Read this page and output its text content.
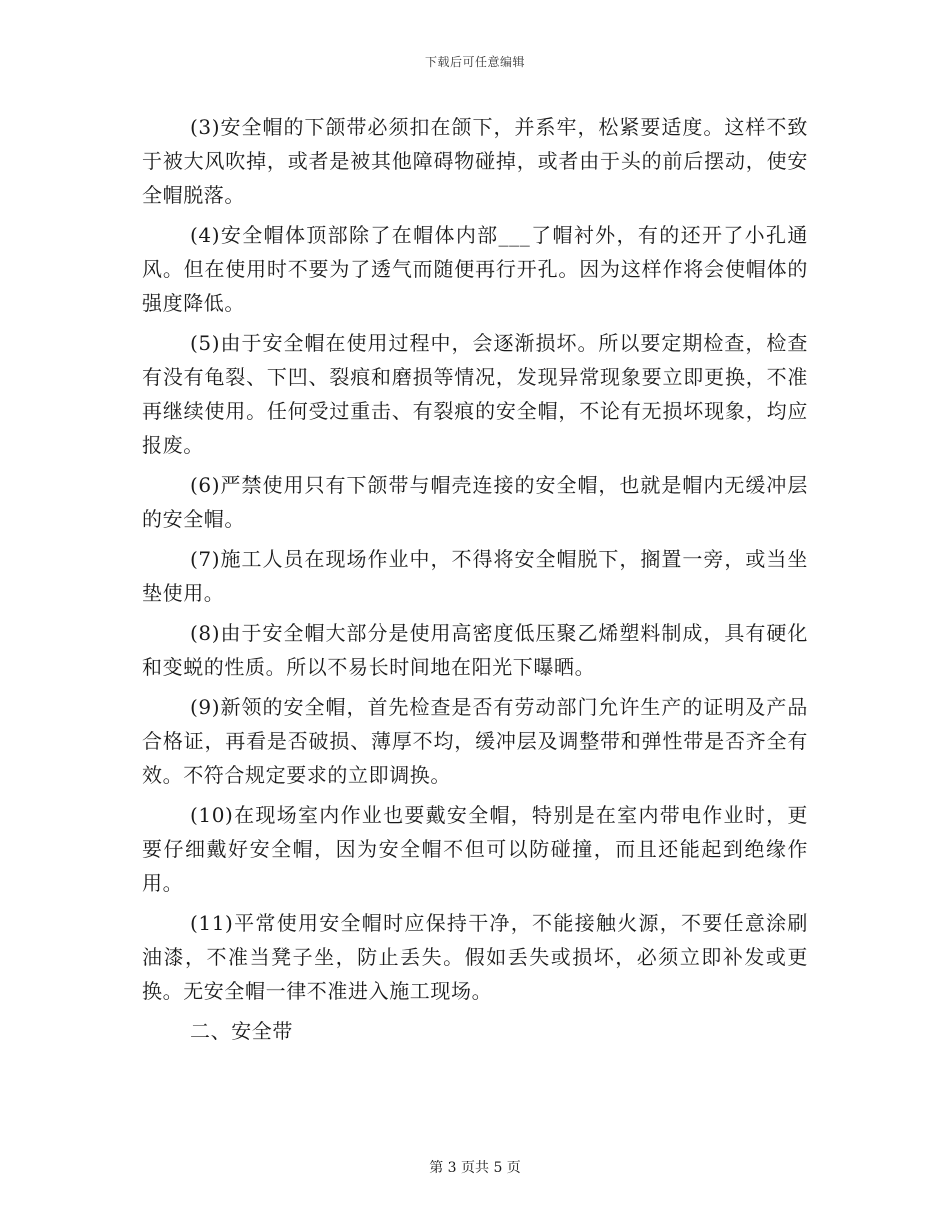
下载后可任意编辑

(3)安全帽的下颌带必须扣在颌下，并系牢，松紧要适度。这样不致于被大风吹掉，或者是被其他障碍物碰掉，或者由于头的前后摆动，使安全帽脱落。

(4)安全帽体顶部除了在帽体内部___了帽衬外，有的还开了小孔通风。但在使用时不要为了透气而随便再行开孔。因为这样作将会使帽体的强度降低。

(5)由于安全帽在使用过程中，会逐渐损坏。所以要定期检查，检查有没有龟裂、下凹、裂痕和磨损等情况，发现异常现象要立即更换，不准再继续使用。任何受过重击、有裂痕的安全帽，不论有无损坏现象，均应报废。

(6)严禁使用只有下颌带与帽壳连接的安全帽，也就是帽内无缓冲层的安全帽。

(7)施工人员在现场作业中，不得将安全帽脱下，搁置一旁，或当坐垫使用。

(8)由于安全帽大部分是使用高密度低压聚乙烯塑料制成，具有硬化和变蜕的性质。所以不易长时间地在阳光下曝晒。

(9)新领的安全帽，首先检查是否有劳动部门允许生产的证明及产品合格证，再看是否破损、薄厚不均，缓冲层及调整带和弹性带是否齐全有效。不符合规定要求的立即调换。

(10)在现场室内作业也要戴安全帽，特别是在室内带电作业时，更要仔细戴好安全帽，因为安全帽不但可以防碰撞，而且还能起到绝缘作用。

(11)平常使用安全帽时应保持干净，不能接触火源，不要任意涂刷油漆，不准当凳子坐，防止丢失。假如丢失或损坏，必须立即补发或更换。无安全帽一律不准进入施工现场。

二、安全带

第 3 页共 5 页
